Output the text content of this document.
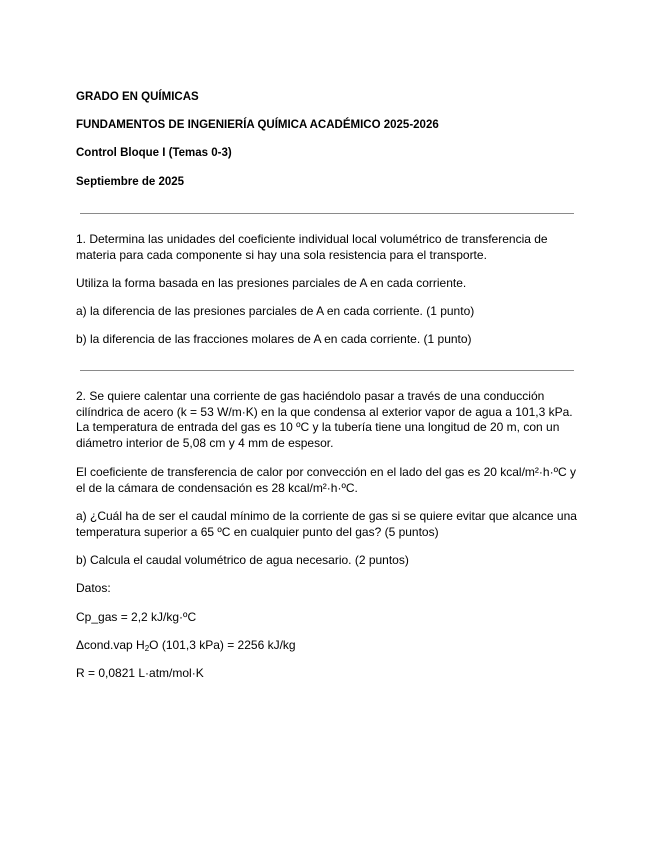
GRADO EN QUÍMICAS
FUNDAMENTOS DE INGENIERÍA QUÍMICA ACADÉMICO 2025-2026
Control Bloque I (Temas 0-3)
Septiembre de 2025
1. Determina las unidades del coeficiente individual local volumétrico de transferencia de
materia para cada componente si hay una sola resistencia para el transporte.
Utiliza la forma basada en las presiones parciales de A en cada corriente.
a) la diferencia de las presiones parciales de A en cada corriente. (1 punto)
b) la diferencia de las fracciones molares de A en cada corriente. (1 punto)
2. Se quiere calentar una corriente de gas haciéndolo pasar a través de una conducción
cilíndrica de acero (k = 53 W/m·K) en la que condensa al exterior vapor de agua a 101,3 kPa.
La temperatura de entrada del gas es 10 ºC y la tubería tiene una longitud de 20 m, con un
diámetro interior de 5,08 cm y 4 mm de espesor.
El coeficiente de transferencia de calor por convección en el lado del gas es 20 kcal/m²·h·ºC y
el de la cámara de condensación es 28 kcal/m²·h·ºC.
a) ¿Cuál ha de ser el caudal mínimo de la corriente de gas si se quiere evitar que alcance una
temperatura superior a 65 ºC en cualquier punto del gas? (5 puntos)
b) Calcula el caudal volumétrico de agua necesario. (2 puntos)
Datos:
Cp_gas = 2,2 kJ/kg·ºC
Δcond.vap $H_2O$ (101,3 kPa) = 2256 kJ/kg
R = 0,0821 L·atm/mol·K
